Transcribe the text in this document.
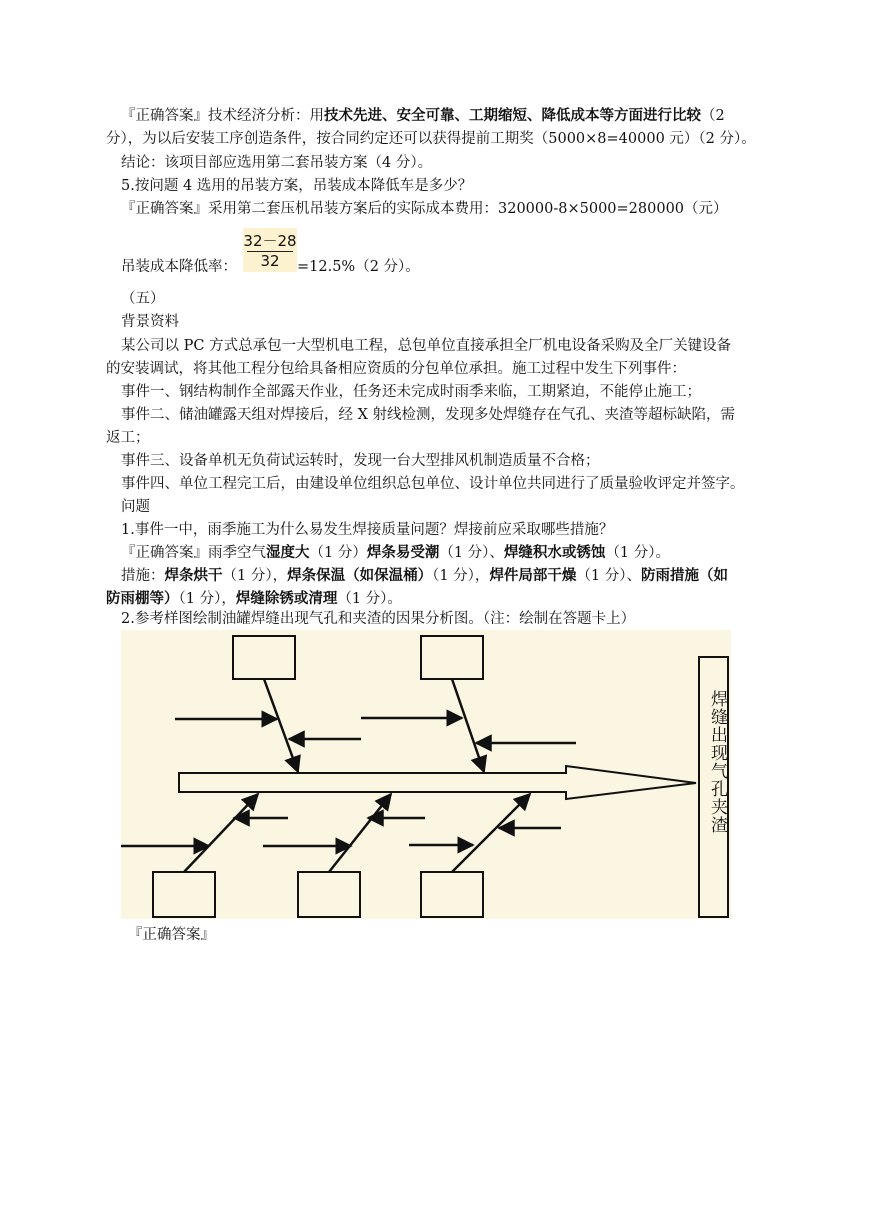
『正确答案』技术经济分析：用技术先进、安全可靠、工期缩短、降低成本等方面进行比较（2
分），为以后安装工序创造条件，按合同约定还可以获得提前工期奖（5000×8=40000 元）（2 分）。
结论：该项目部应选用第二套吊装方案（4 分）。
5.按问题 4 选用的吊装方案，吊装成本降低车是多少？
『正确答案』采用第二套压机吊装方案后的实际成本费用：320000-8×5000=280000（元）
吊装成本降低率：
32－28
32	=12.5%（2 分）。
（五）
背景资料
某公司以 PC 方式总承包一大型机电工程，总包单位直接承担全厂机电设备采购及全厂关键设备
的安装调试，将其他工程分包给具备相应资质的分包单位承担。施工过程中发生下列事件：
事件一、钢结构制作全部露天作业，任务还未完成时雨季来临，工期紧迫，不能停止施工；
事件二、储油罐露天组对焊接后，经 X 射线检测，发现多处焊缝存在气孔、夹渣等超标缺陷，需
返工；
事件三、设备单机无负荷试运转时，发现一台大型排风机制造质量不合格；
事件四、单位工程完工后，由建设单位组织总包单位、设计单位共同进行了质量验收评定并签字。
问题
1.事件一中，雨季施工为什么易发生焊接质量问题？焊接前应采取哪些措施？
『正确答案』雨季空气湿度大（1 分）焊条易受潮（1 分）、焊缝积水或锈蚀（1 分）。
措施：焊条烘干（1 分），焊条保温（如保温桶）（1 分），焊件局部干燥（1 分）、防雨措施（如
防雨棚等）（1 分），焊缝除锈或清理（1 分）。
2.参考样图绘制油罐焊缝出现气孔和夹渣的因果分析图。（注：绘制在答题卡上）
焊缝出现气孔夹渣
『正确答案』
